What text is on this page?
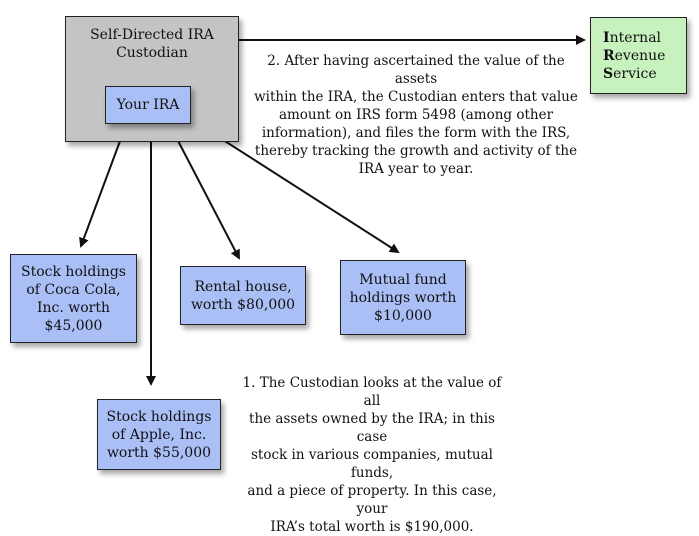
Self-Directed IRA
Custodian
Your IRA
Internal
Revenue
Service
Stock holdings
of Coca Cola,
Inc. worth
$45,000
Rental house,
worth $80,000
Mutual fund
holdings worth
$10,000
Stock holdings
of Apple, Inc.
worth $55,000
2. After having ascertained the value of the assets
within the IRA, the Custodian enters that value
amount on IRS form 5498 (among other
information), and files the form with the IRS,
thereby tracking the growth and activity of the
IRA year to year.
1. The Custodian looks at the value of all
the assets owned by the IRA; in this case
stock in various companies, mutual funds,
and a piece of property. In this case, your
IRA’s total worth is $190,000.
